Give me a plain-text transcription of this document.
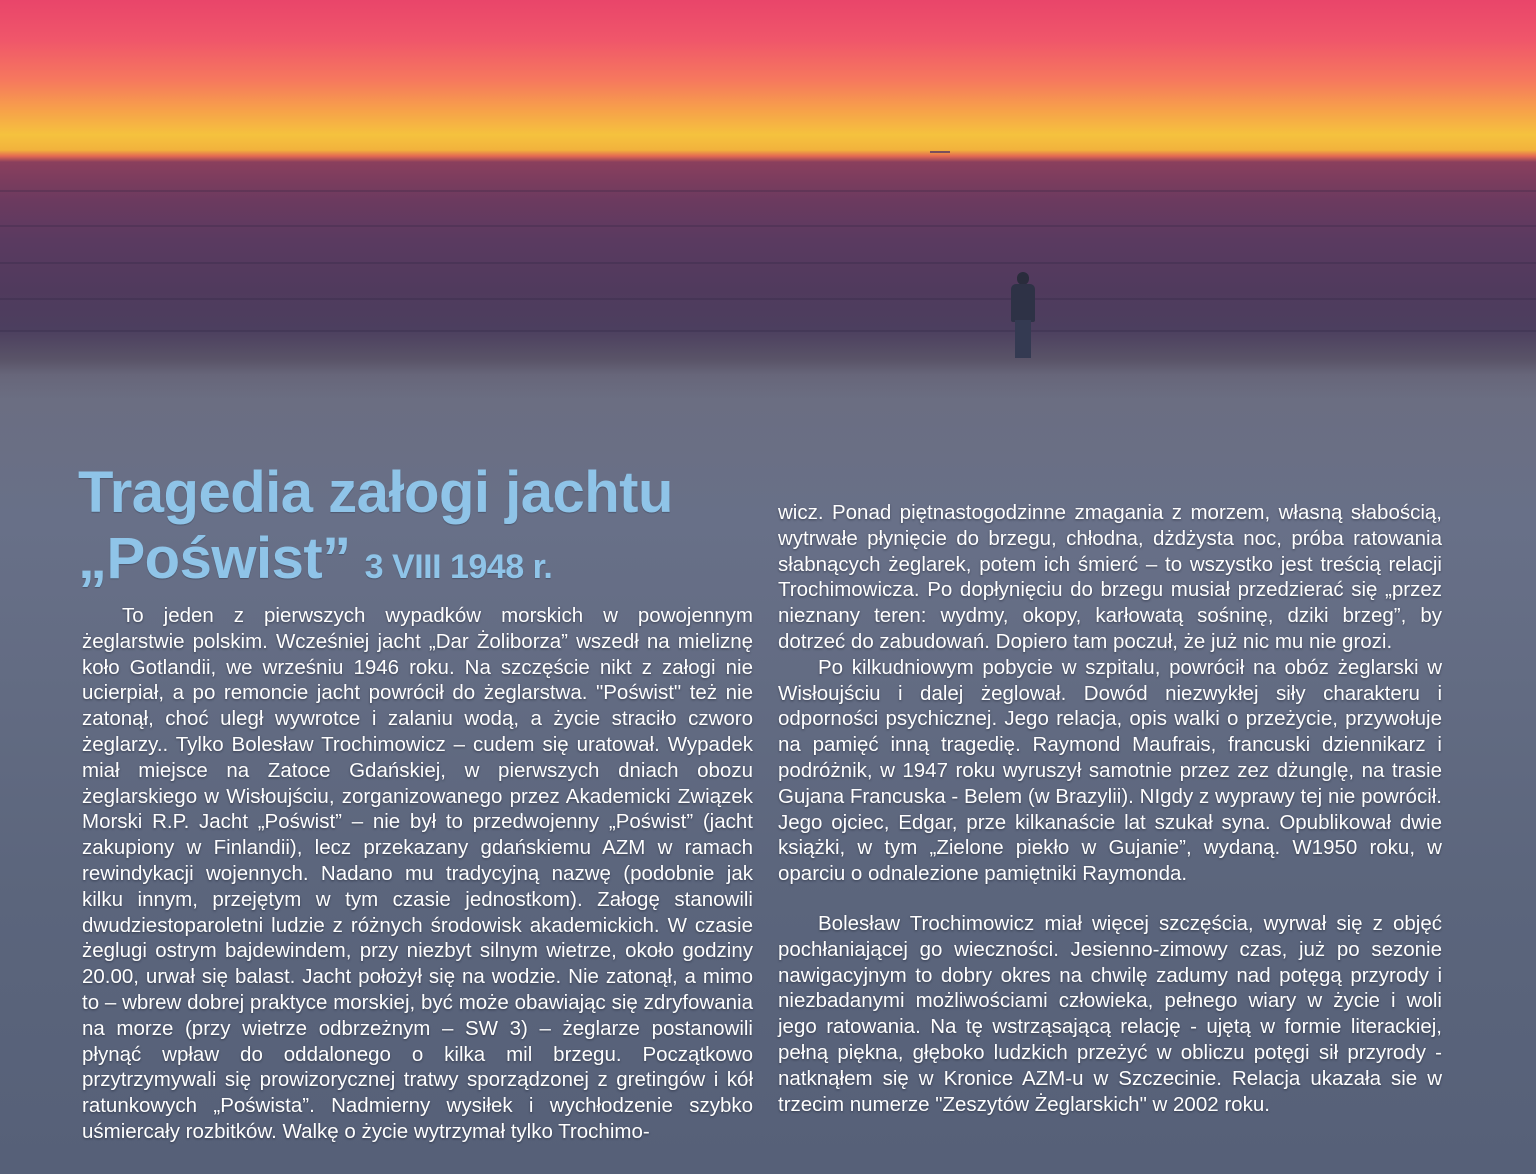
Tragedia załogi jachtu
„Poświst” 3 VIII 1948 r.

To jeden z pierwszych wypadków morskich w powojennym żeglarstwie polskim. Wcześniej jacht „Dar Żoliborza” wszedł na mieliznę koło Gotlandii, we wrześniu 1946 roku. Na szczęście nikt z załogi nie ucierpiał, a po remoncie jacht powrócił do żeglarstwa. "Poświst" też nie zatonął, choć uległ wywrotce i zalaniu wodą, a życie straciło czworo żeglarzy.. Tylko Bolesław Trochimowicz – cudem się uratował. Wypadek miał miejsce na Zatoce Gdańskiej, w pierwszych dniach obozu żeglarskiego w Wisłoujściu, zorganizowanego przez Akademicki Związek Morski R.P. Jacht „Poświst” – nie był to przedwojenny „Poświst” (jacht zakupiony w Finlandii), lecz przekazany gdańskiemu AZM w ramach rewindykacji wojennych. Nadano mu tradycyjną nazwę (podobnie jak kilku innym, przejętym w tym czasie jednostkom). Załogę stanowili dwudziestoparoletni ludzie z różnych środowisk akademickich. W czasie żeglugi ostrym bajdewindem, przy niezbyt silnym wietrze, około godziny 20.00, urwał się balast. Jacht położył się na wodzie. Nie zatonął, a mimo to – wbrew dobrej praktyce morskiej, być może obawiając się zdryfowania na morze (przy wietrze odbrzeżnym – SW 3) – żeglarze postanowili płynąć wpław do oddalonego o kilka mil brzegu. Początkowo przytrzymywali się prowizorycznej tratwy sporządzonej z gretingów i kół ratunkowych „Pośwista”. Nadmierny wysiłek i wychłodzenie szybko uśmiercały rozbitków. Walkę o życie wytrzymał tylko Trochimo-

wicz. Ponad piętnastogodzinne zmagania z morzem, własną słabością, wytrwałe płynięcie do brzegu, chłodna, dżdżysta noc, próba ratowania słabnących żeglarek, potem ich śmierć – to wszystko jest treścią relacji Trochimowicza. Po dopłynięciu do brzegu musiał przedzierać się „przez nieznany teren: wydmy, okopy, karłowatą sośninę, dziki brzeg”, by dotrzeć do zabudowań. Dopiero tam poczuł, że już nic mu nie grozi.

Po kilkudniowym pobycie w szpitalu, powrócił na obóz żeglarski w Wisłoujściu i dalej żeglował. Dowód niezwykłej siły charakteru i odporności psychicznej. Jego relacja, opis walki o przeżycie, przywołuje na pamięć inną tragedię. Raymond Maufrais, francuski dziennikarz i podróżnik, w 1947 roku wyruszył samotnie przez zez dżunglę, na trasie Gujana Francuska - Belem (w Brazylii). NIgdy z wyprawy tej nie powrócił. Jego ojciec, Edgar, prze kilkanaście lat szukał syna. Opublikował dwie książki, w tym „Zielone piekło w Gujanie”, wydaną. W1950 roku, w oparciu o odnalezione pamiętniki Raymonda.

Bolesław Trochimowicz miał więcej szczęścia, wyrwał się z objęć pochłaniającej go wieczności. Jesienno-zimowy czas, już po sezonie nawigacyjnym to dobry okres na chwilę zadumy nad potęgą przyrody i niezbadanymi możliwościami człowieka, pełnego wiary w życie i woli jego ratowania. Na tę wstrząsającą relację - ujętą w formie literackiej, pełną piękna, głęboko ludzkich przeżyć w obliczu potęgi sił przyrody - natknąłem się w Kronice AZM-u w Szczecinie. Relacja ukazała sie w trzecim numerze "Zeszytów Żeglarskich" w 2002 roku.
